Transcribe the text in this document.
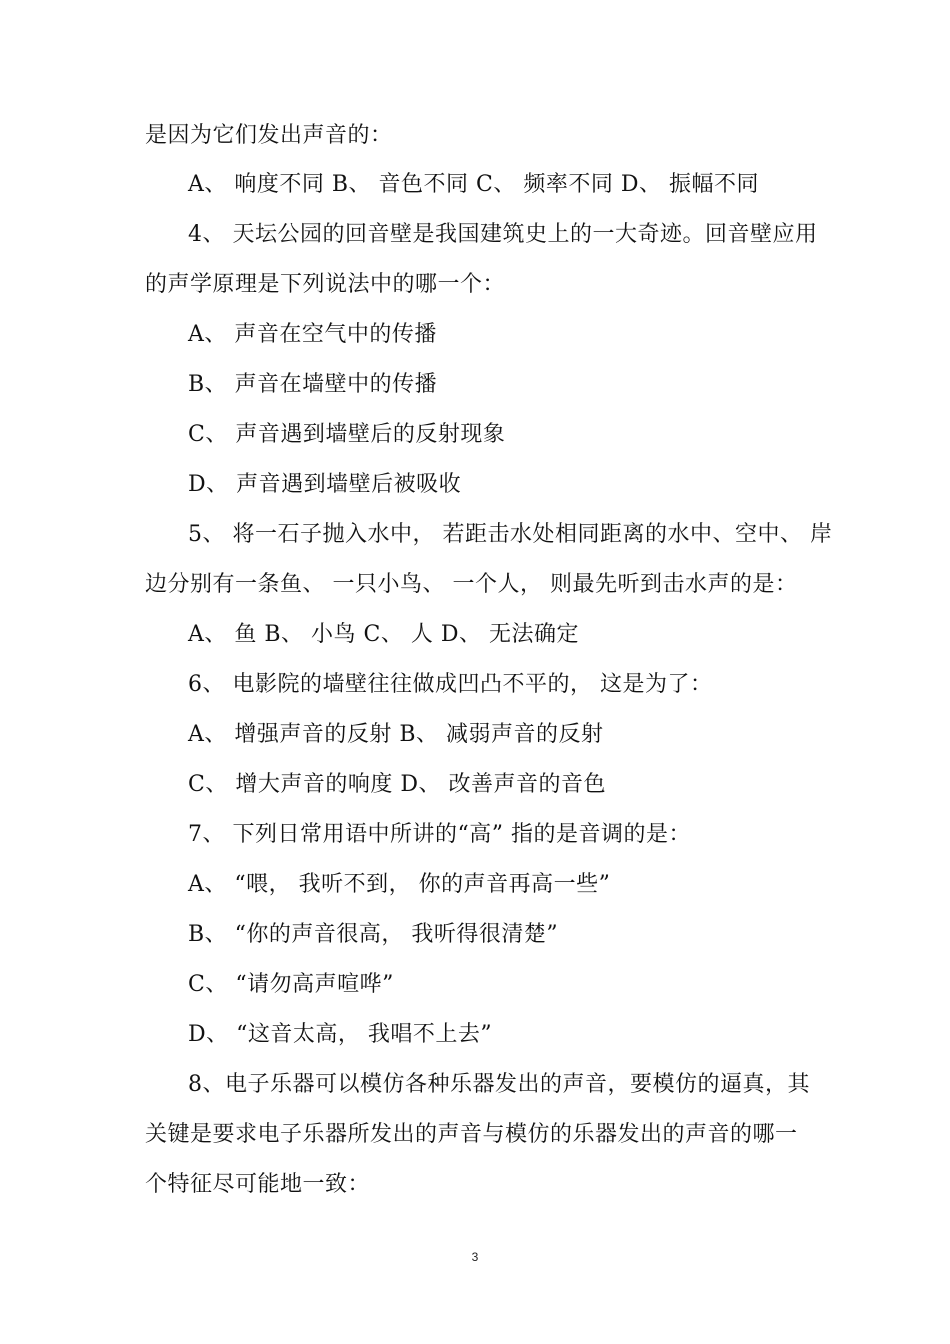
是因为它们发出声音的：
A、 响度不同 B、 音色不同 C、 频率不同 D、 振幅不同
4、 天坛公园的回音壁是我国建筑史上的一大奇迹。回音壁应用
的声学原理是下列说法中的哪一个：
A、 声音在空气中的传播
B、 声音在墙壁中的传播
C、 声音遇到墙壁后的反射现象
D、 声音遇到墙壁后被吸收
5、 将一石子抛入水中， 若距击水处相同距离的水中、空中、 岸
边分别有一条鱼、 一只小鸟、 一个人， 则最先听到击水声的是：
A、 鱼 B、 小鸟 C、 人 D、 无法确定
6、 电影院的墙壁往往做成凹凸不平的， 这是为了：
A、 增强声音的反射 B、 减弱声音的反射
C、 增大声音的响度 D、 改善声音的音色
7、 下列日常用语中所讲的“高” 指的是音调的是：
A、 “喂， 我听不到， 你的声音再高一些”
B、 “你的声音很高， 我听得很清楚”
C、 “请勿高声喧哗”
D、 “这音太高， 我唱不上去”
8、电子乐器可以模仿各种乐器发出的声音，要模仿的逼真，其
关键是要求电子乐器所发出的声音与模仿的乐器发出的声音的哪一
个特征尽可能地一致：
3
